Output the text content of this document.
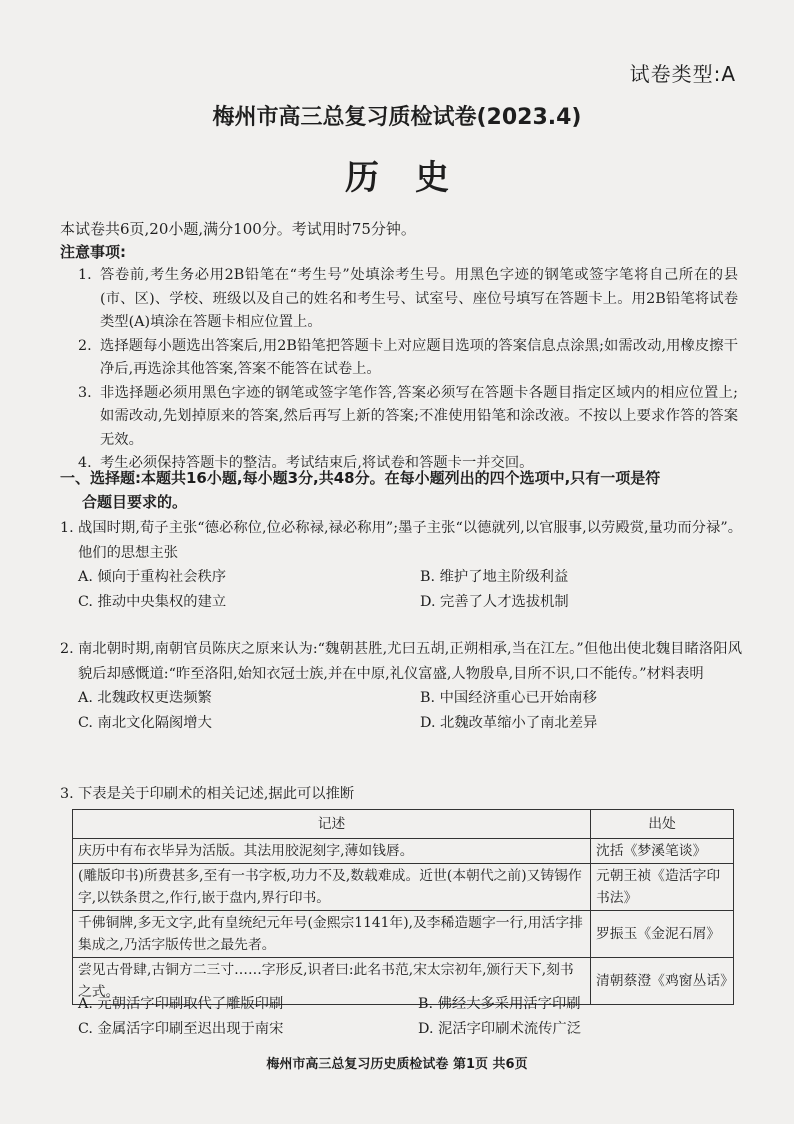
试卷类型:A
梅州市高三总复习质检试卷(2023.4)
历史
本试卷共6页,20小题,满分100分。考试用时75分钟。
注意事项:
1. 答卷前,考生务必用2B铅笔在“考生号”处填涂考生号。用黑色字迹的钢笔或签字笔将自己所在的县(市、区)、学校、班级以及自己的姓名和考生号、试室号、座位号填写在答题卡上。用2B铅笔将试卷类型(A)填涂在答题卡相应位置上。
2. 选择题每小题选出答案后,用2B铅笔把答题卡上对应题目选项的答案信息点涂黑;如需改动,用橡皮擦干净后,再选涂其他答案,答案不能答在试卷上。
3. 非选择题必须用黑色字迹的钢笔或签字笔作答,答案必须写在答题卡各题目指定区域内的相应位置上;如需改动,先划掉原来的答案,然后再写上新的答案;不准使用铅笔和涂改液。不按以上要求作答的答案无效。
4. 考生必须保持答题卡的整洁。考试结束后,将试卷和答题卡一并交回。
一、选择题:本题共16小题,每小题3分,共48分。在每小题列出的四个选项中,只有一项是符
合题目要求的。
1. 战国时期,荀子主张“德必称位,位必称禄,禄必称用”;墨子主张“以德就列,以官服事,以劳殿赏,量功而分禄”。他们的思想主张
A. 倾向于重构社会秩序	B. 维护了地主阶级利益
C. 推动中央集权的建立	D. 完善了人才选拔机制
2. 南北朝时期,南朝官员陈庆之原来认为:“魏朝甚胜,尤曰五胡,正朔相承,当在江左。”但他出使北魏目睹洛阳风貌后却感慨道:“昨至洛阳,始知衣冠士族,并在中原,礼仪富盛,人物殷阜,目所不识,口不能传。”材料表明
A. 北魏政权更迭频繁	B. 中国经济重心已开始南移
C. 南北文化隔阂增大	D. 北魏改革缩小了南北差异
3. 下表是关于印刷术的相关记述,据此可以推断
记述	出处
庆历中有布衣毕异为活版。其法用胶泥刻字,薄如钱唇。	沈括《梦溪笔谈》
(雕版印书)所费甚多,至有一书字板,功力不及,数载难成。近世(本朝代之前)又铸锡作字,以铁条贯之,作行,嵌于盘内,界行印书。	元朝王祯《造活字印书法》
千佛铜牌,多无文字,此有皇统纪元年号(金熙宗1141年),及李稀造题字一行,用活字排集成之,乃活字版传世之最先者。	罗振玉《金泥石屑》
尝见古骨肆,古铜方二三寸……字形反,识者曰:此名书范,宋太宗初年,颁行天下,刻书之式。	清朝蔡澄《鸡窗丛话》
A. 元朝活字印刷取代了雕版印刷	B. 佛经大多采用活字印刷
C. 金属活字印刷至迟出现于南宋	D. 泥活字印刷术流传广泛
梅州市高三总复习历史质检试卷 第1页 共6页
